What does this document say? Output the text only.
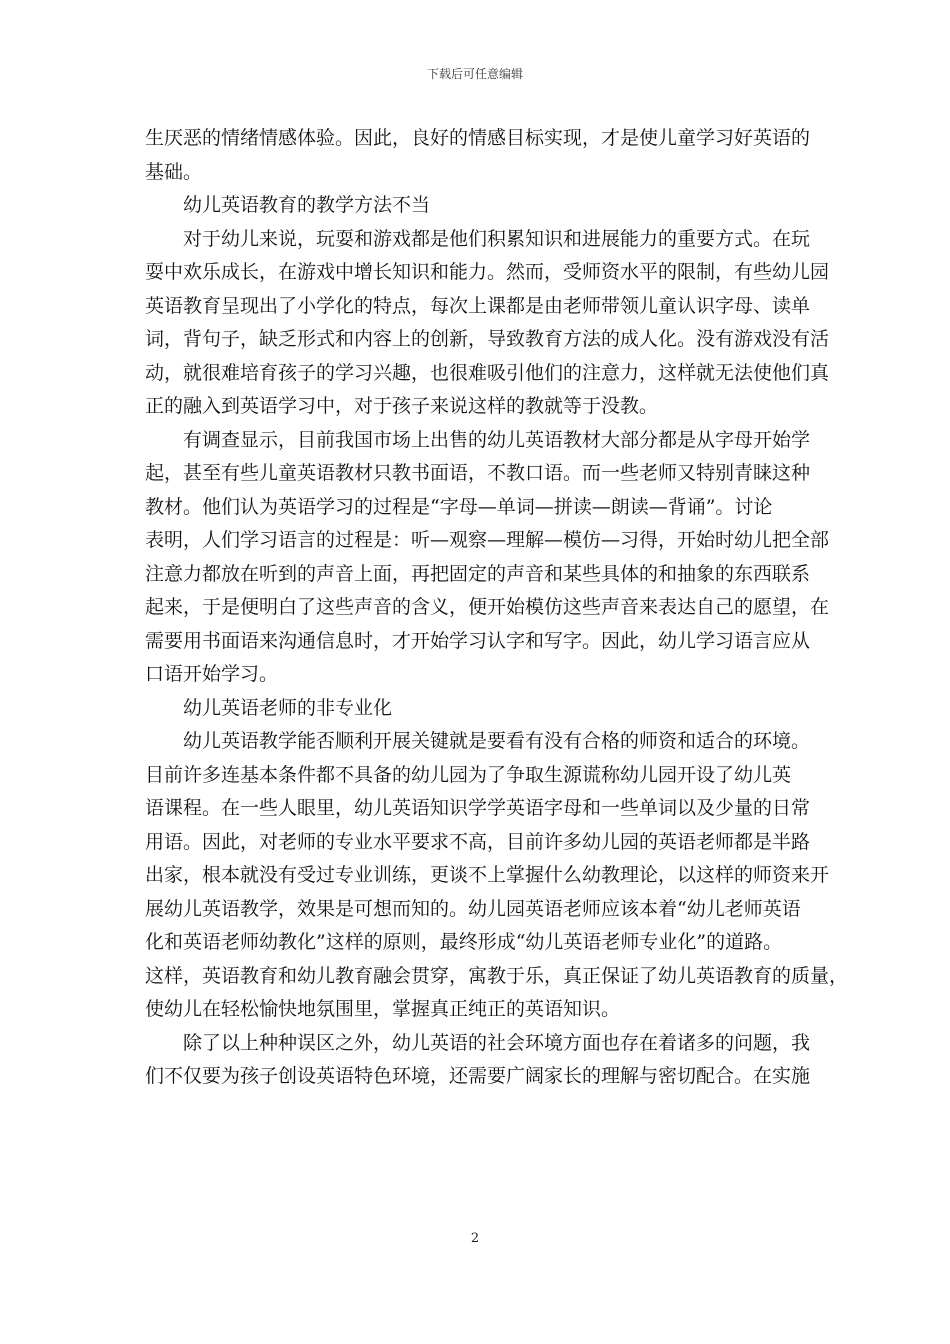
下载后可任意编辑
生厌恶的情绪情感体验。因此，良好的情感目标实现，才是使儿童学习好英语的
基础。
幼儿英语教育的教学方法不当
对于幼儿来说，玩耍和游戏都是他们积累知识和进展能力的重要方式。在玩
耍中欢乐成长，在游戏中增长知识和能力。然而，受师资水平的限制，有些幼儿园
英语教育呈现出了小学化的特点，每次上课都是由老师带领儿童认识字母、读单
词，背句子，缺乏形式和内容上的创新，导致教育方法的成人化。没有游戏没有活
动，就很难培育孩子的学习兴趣，也很难吸引他们的注意力，这样就无法使他们真
正的融入到英语学习中，对于孩子来说这样的教就等于没教。
有调查显示，目前我国市场上出售的幼儿英语教材大部分都是从字母开始学
起，甚至有些儿童英语教材只教书面语，不教口语。而一些老师又特别青睐这种
教材。他们认为英语学习的过程是“字母—单词—拼读—朗读—背诵”。讨论
表明，人们学习语言的过程是：听—观察—理解—模仿—习得，开始时幼儿把全部
注意力都放在听到的声音上面，再把固定的声音和某些具体的和抽象的东西联系
起来，于是便明白了这些声音的含义，便开始模仿这些声音来表达自己的愿望，在
需要用书面语来沟通信息时，才开始学习认字和写字。因此，幼儿学习语言应从
口语开始学习。
幼儿英语老师的非专业化
幼儿英语教学能否顺利开展关键就是要看有没有合格的师资和适合的环境。
目前许多连基本条件都不具备的幼儿园为了争取生源谎称幼儿园开设了幼儿英
语课程。在一些人眼里，幼儿英语知识学学英语字母和一些单词以及少量的日常
用语。因此，对老师的专业水平要求不高，目前许多幼儿园的英语老师都是半路
出家，根本就没有受过专业训练，更谈不上掌握什么幼教理论，以这样的师资来开
展幼儿英语教学，效果是可想而知的。幼儿园英语老师应该本着“幼儿老师英语
化和英语老师幼教化”这样的原则，最终形成“幼儿英语老师专业化”的道路。
这样，英语教育和幼儿教育融会贯穿，寓教于乐，真正保证了幼儿英语教育的质量，
使幼儿在轻松愉快地氛围里，掌握真正纯正的英语知识。
除了以上种种误区之外，幼儿英语的社会环境方面也存在着诸多的问题，我
们不仅要为孩子创设英语特色环境，还需要广阔家长的理解与密切配合。在实施
2
